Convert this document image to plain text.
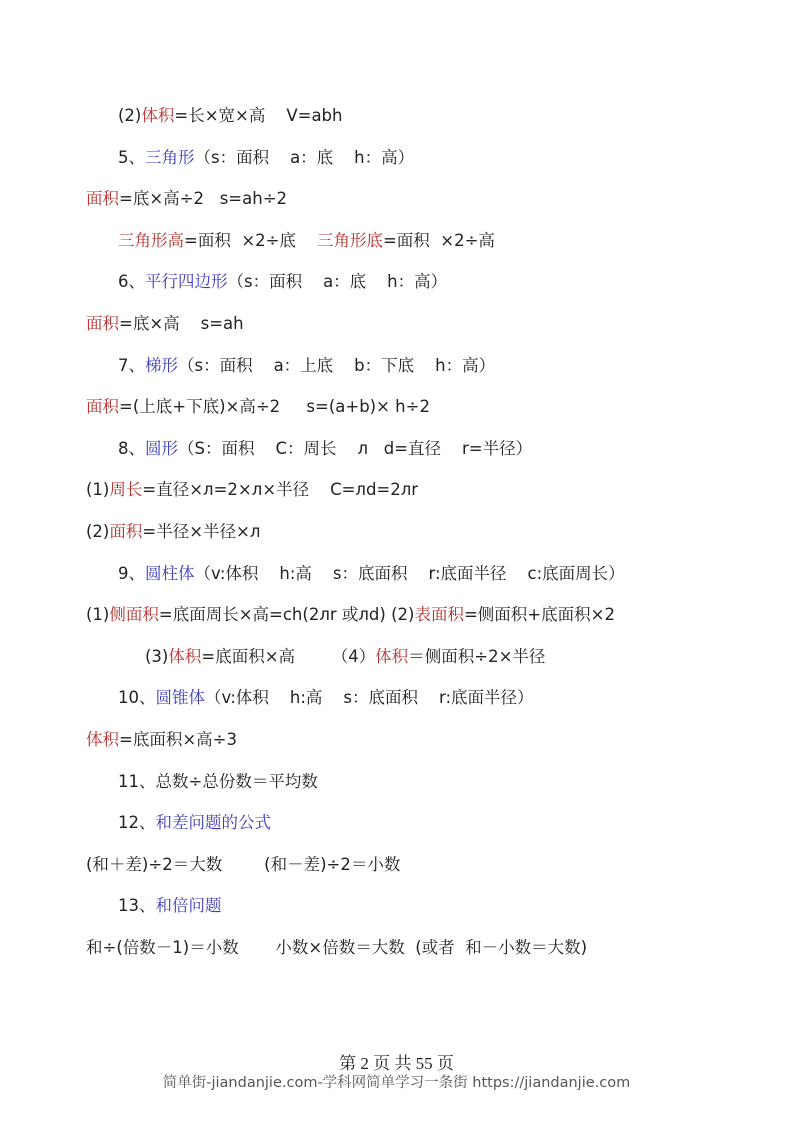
(2)体积=长×宽×高    V=abh
5、三角形（s：面积    a：底    h：高）
面积=底×高÷2   s=ah÷2
三角形高=面积  ×2÷底    三角形底=面积  ×2÷高
6、平行四边形（s：面积    a：底    h：高）
面积=底×高    s=ah
7、梯形（s：面积    a：上底    b：下底    h：高）
面积=(上底+下底)×高÷2     s=(a+b)× h÷2
8、圆形（S：面积    C：周长    л   d=直径    r=半径）
(1)周长=直径×л=2×л×半径    C=лd=2лr
(2)面积=半径×半径×л
9、圆柱体（v:体积    h:高    s：底面积    r:底面半径    c:底面周长）
(1)侧面积=底面周长×高=ch(2лr 或лd) (2)表面积=侧面积+底面积×2
(3)体积=底面积×高       （4）体积＝侧面积÷2×半径
10、圆锥体（v:体积    h:高    s：底面积    r:底面半径）
体积=底面积×高÷3
11、总数÷总份数＝平均数
12、和差问题的公式
(和＋差)÷2＝大数        (和－差)÷2＝小数
13、和倍问题
和÷(倍数－1)＝小数       小数×倍数＝大数  (或者  和－小数＝大数)
第 2 页 共 55 页
简单街-jiandanjie.com-学科网简单学习一条街 https://jiandanjie.com
